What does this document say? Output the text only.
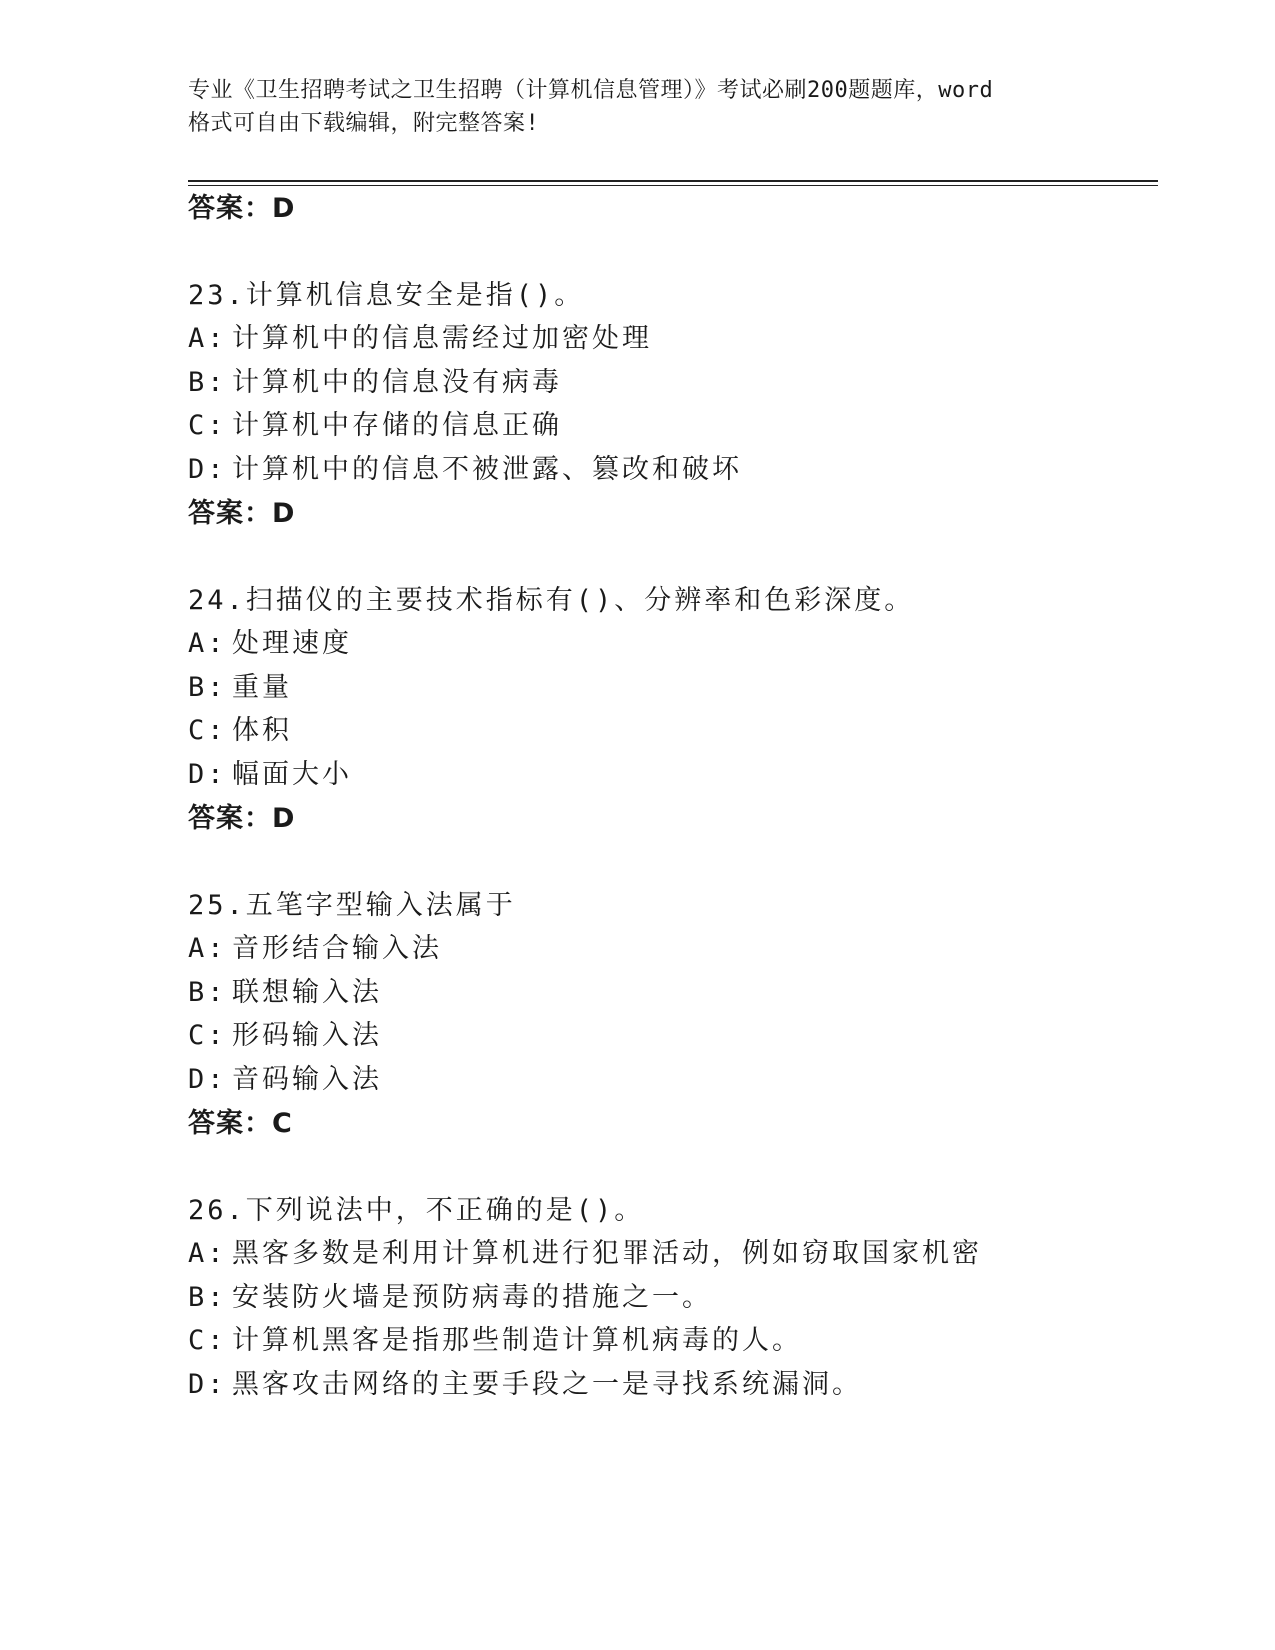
专业《卫生招聘考试之卫生招聘（计算机信息管理）》考试必刷200题题库，word
格式可自由下载编辑，附完整答案!
答案：D
23.计算机信息安全是指()。
A: 计算机中的信息需经过加密处理
B: 计算机中的信息没有病毒
C: 计算机中存储的信息正确
D: 计算机中的信息不被泄露、篡改和破坏
答案：D
24.扫描仪的主要技术指标有()、分辨率和色彩深度。
A: 处理速度
B: 重量
C: 体积
D: 幅面大小
答案：D
25.五笔字型输入法属于
A: 音形结合输入法
B: 联想输入法
C: 形码输入法
D: 音码输入法
答案：C
26.下列说法中，不正确的是()。
A: 黑客多数是利用计算机进行犯罪活动，例如窃取国家机密
B: 安装防火墙是预防病毒的措施之一。
C: 计算机黑客是指那些制造计算机病毒的人。
D: 黑客攻击网络的主要手段之一是寻找系统漏洞。
